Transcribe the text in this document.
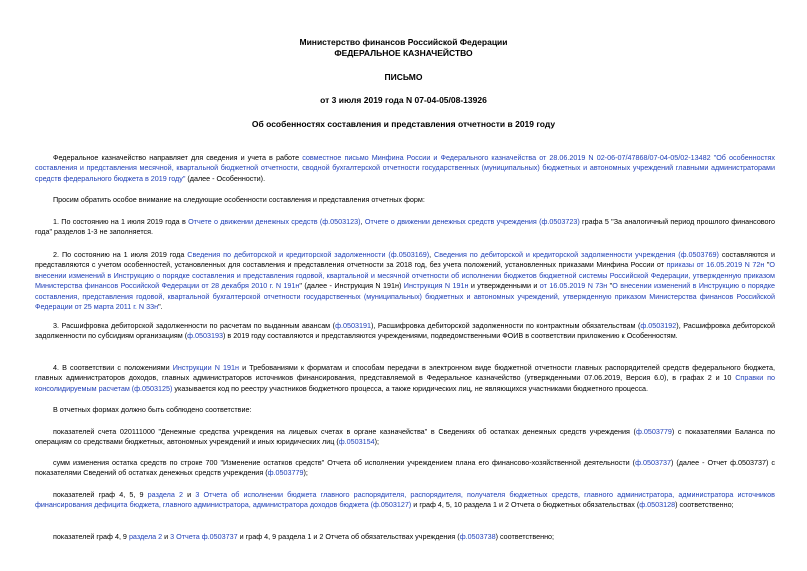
Министерство финансов Российской Федерации
ФЕДЕРАЛЬНОЕ КАЗНАЧЕЙСТВО
ПИСЬМО
от 3 июля 2019 года N 07-04-05/08-13926
Об особенностях составления и представления отчетности в 2019 году
Федеральное казначейство направляет для сведения и учета в работе совместное письмо Минфина России и Федерального казначейства от 28.06.2019 N 02-06-07/47868/07-04-05/02-13482 "Об особенностях составления и представления месячной, квартальной бюджетной отчетности, сводной бухгалтерской отчетности государственных (муниципальных) бюджетных и автономных учреждений главными администраторами средств федерального бюджета в 2019 году" (далее - Особенности).
Просим обратить особое внимание на следующие особенности составления и представления отчетных форм:
1. По состоянию на 1 июля 2019 года в Отчете о движении денежных средств (ф.0503123), Отчете о движении денежных средств учреждения (ф.0503723) графа 5 "За аналогичный период прошлого финансового года" разделов 1-3 не заполняется.
2. По состоянию на 1 июля 2019 года Сведения по дебиторской и кредиторской задолженности (ф.0503169), Сведения по дебиторской и кредиторской задолженности учреждения (ф.0503769) составляются и представляются с учетом особенностей, установленных для составления и представления отчетности за 2018 год, без учета положений, установленных приказами Минфина России от приказы от 16.05.2019 N 72н "О внесении изменений в Инструкцию о порядке составления и представления годовой, квартальной и месячной отчетности об исполнении бюджетов бюджетной системы Российской Федерации, утвержденную приказом Министерства финансов Российской Федерации от 28 декабря 2010 г. N 191н" (далее - Инструкция N 191н) Инструкция N 191н и утвержденными и от 16.05.2019 N 73н "О внесении изменений в Инструкцию о порядке составления, представления годовой, квартальной бухгалтерской отчетности государственных (муниципальных) бюджетных и автономных учреждений, утвержденную приказом Министерства финансов Российской Федерации от 25 марта 2011 г. N 33н".
3. Расшифровка дебиторской задолженности по расчетам по выданным авансам (ф.0503191), Расшифровка дебиторской задолженности по контрактным обязательствам (ф.0503192), Расшифровка дебиторской задолженности по субсидиям организациям (ф.0503193) в 2019 году составляются и представляются учреждениями, подведомственными ФОИВ в соответствии приложению к Особенностям.
4. В соответствии с положениями Инструкции N 191н и Требованиями к форматам и способам передачи в электронном виде бюджетной отчетности главных распорядителей средств федерального бюджета, главных администраторов доходов, главных администраторов источников финансирования, представляемой в Федеральное казначейство (утвержденными 07.06.2019, Версия 6.0), в графах 2 и 10 Справки по консолидируемым расчетам (ф.0503125) указывается код по реестру участников бюджетного процесса, а также юридических лиц, не являющихся участниками бюджетного процесса.
В отчетных формах должно быть соблюдено соответствие:
показателей счета 020111000 "Денежные средства учреждения на лицевых счетах в органе казначейства" в Сведениях об остатках денежных средств учреждения (ф.0503779) с показателями Баланса по операциям со средствами бюджетных, автономных учреждений и иных юридических лиц (ф.0503154);
сумм изменения остатка средств по строке 700 "Изменение остатков средств" Отчета об исполнении учреждением плана его финансово-хозяйственной деятельности (ф.0503737) (далее - Отчет ф.0503737) с показателями Сведений об остатках денежных средств учреждения (ф.0503779);
показателей граф 4, 5, 9 раздела 2 и 3 Отчета об исполнении бюджета главного распорядителя, распорядителя, получателя бюджетных средств, главного администратора, администратора источников финансирования дефицита бюджета, главного администратора, администратора доходов бюджета (ф.0503127) и граф 4, 5, 10 раздела 1 и 2 Отчета о бюджетных обязательствах (ф.0503128) соответственно;
показателей граф 4, 9 раздела 2 и 3 Отчета ф.0503737 и граф 4, 9 раздела 1 и 2 Отчета об обязательствах учреждения (ф.0503738) соответственно;
